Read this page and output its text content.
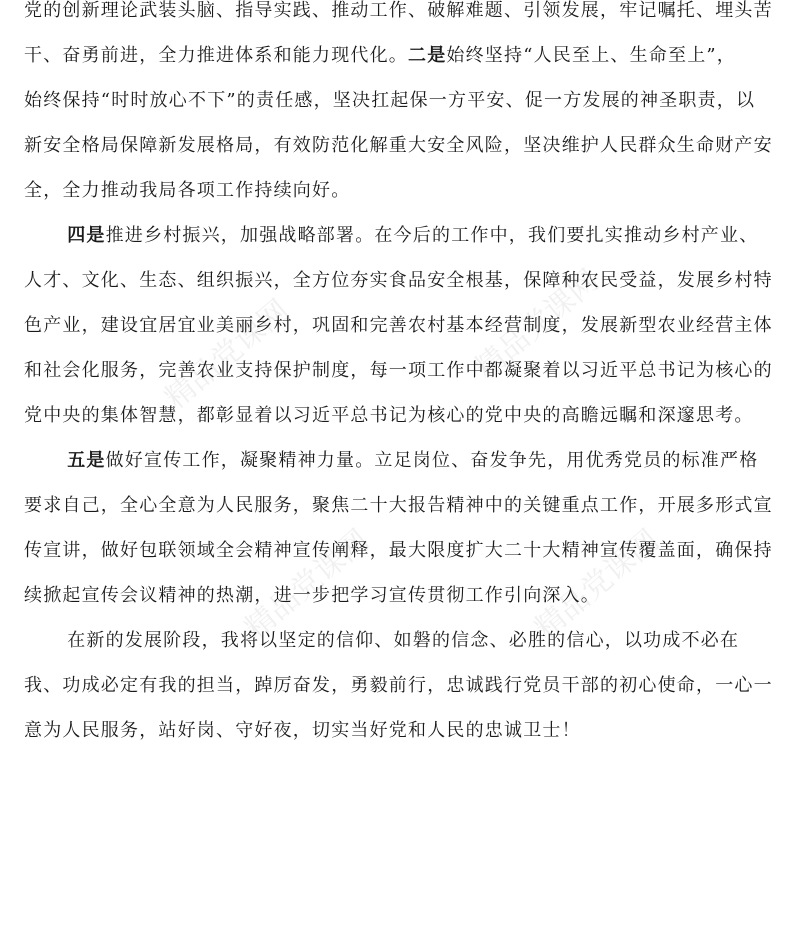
精品党课网	精品党课网
精品党课网	精品党课网

党的创新理论武装头脑、指导实践、推动工作、破解难题、引领发展，牢记嘱托、埋头苦
干、奋勇前进，全力推进体系和能力现代化。二是始终坚持“人民至上、生命至上”，
始终保持“时时放心不下”的责任感，坚决扛起保一方平安、促一方发展的神圣职责，以
新安全格局保障新发展格局，有效防范化解重大安全风险，坚决维护人民群众生命财产安
全，全力推动我局各项工作持续向好。

四是推进乡村振兴，加强战略部署。在今后的工作中，我们要扎实推动乡村产业、
人才、文化、生态、组织振兴，全方位夯实食品安全根基，保障种农民受益，发展乡村特
色产业，建设宜居宜业美丽乡村，巩固和完善农村基本经营制度，发展新型农业经营主体
和社会化服务，完善农业支持保护制度，每一项工作中都凝聚着以习近平总书记为核心的
党中央的集体智慧，都彰显着以习近平总书记为核心的党中央的高瞻远瞩和深邃思考。

五是做好宣传工作，凝聚精神力量。立足岗位、奋发争先，用优秀党员的标准严格
要求自己，全心全意为人民服务，聚焦二十大报告精神中的关键重点工作，开展多形式宣
传宣讲，做好包联领域全会精神宣传阐释，最大限度扩大二十大精神宣传覆盖面，确保持
续掀起宣传会议精神的热潮，进一步把学习宣传贯彻工作引向深入。

在新的发展阶段，我将以坚定的信仰、如磐的信念、必胜的信心，以功成不必在
我、功成必定有我的担当，踔厉奋发，勇毅前行，忠诚践行党员干部的初心使命，一心一
意为人民服务，站好岗、守好夜，切实当好党和人民的忠诚卫士！
